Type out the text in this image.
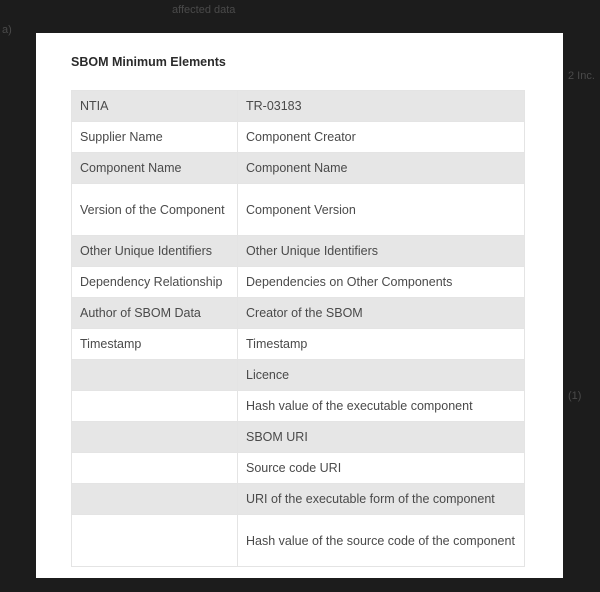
affected data
a)
2 Inc.
(1)
SBOM Minimum Elements
NTIA	TR-03183
Supplier Name	Component Creator
Component Name	Component Name
Version of the Component	Component Version
Other Unique Identifiers	Other Unique Identifiers
Dependency Relationship	Dependencies on Other Components
Author of SBOM Data	Creator of the SBOM
Timestamp	Timestamp
	Licence
	Hash value of the executable component
	SBOM URI
	Source code URI
	URI of the executable form of the component
	Hash value of the source code of the component
